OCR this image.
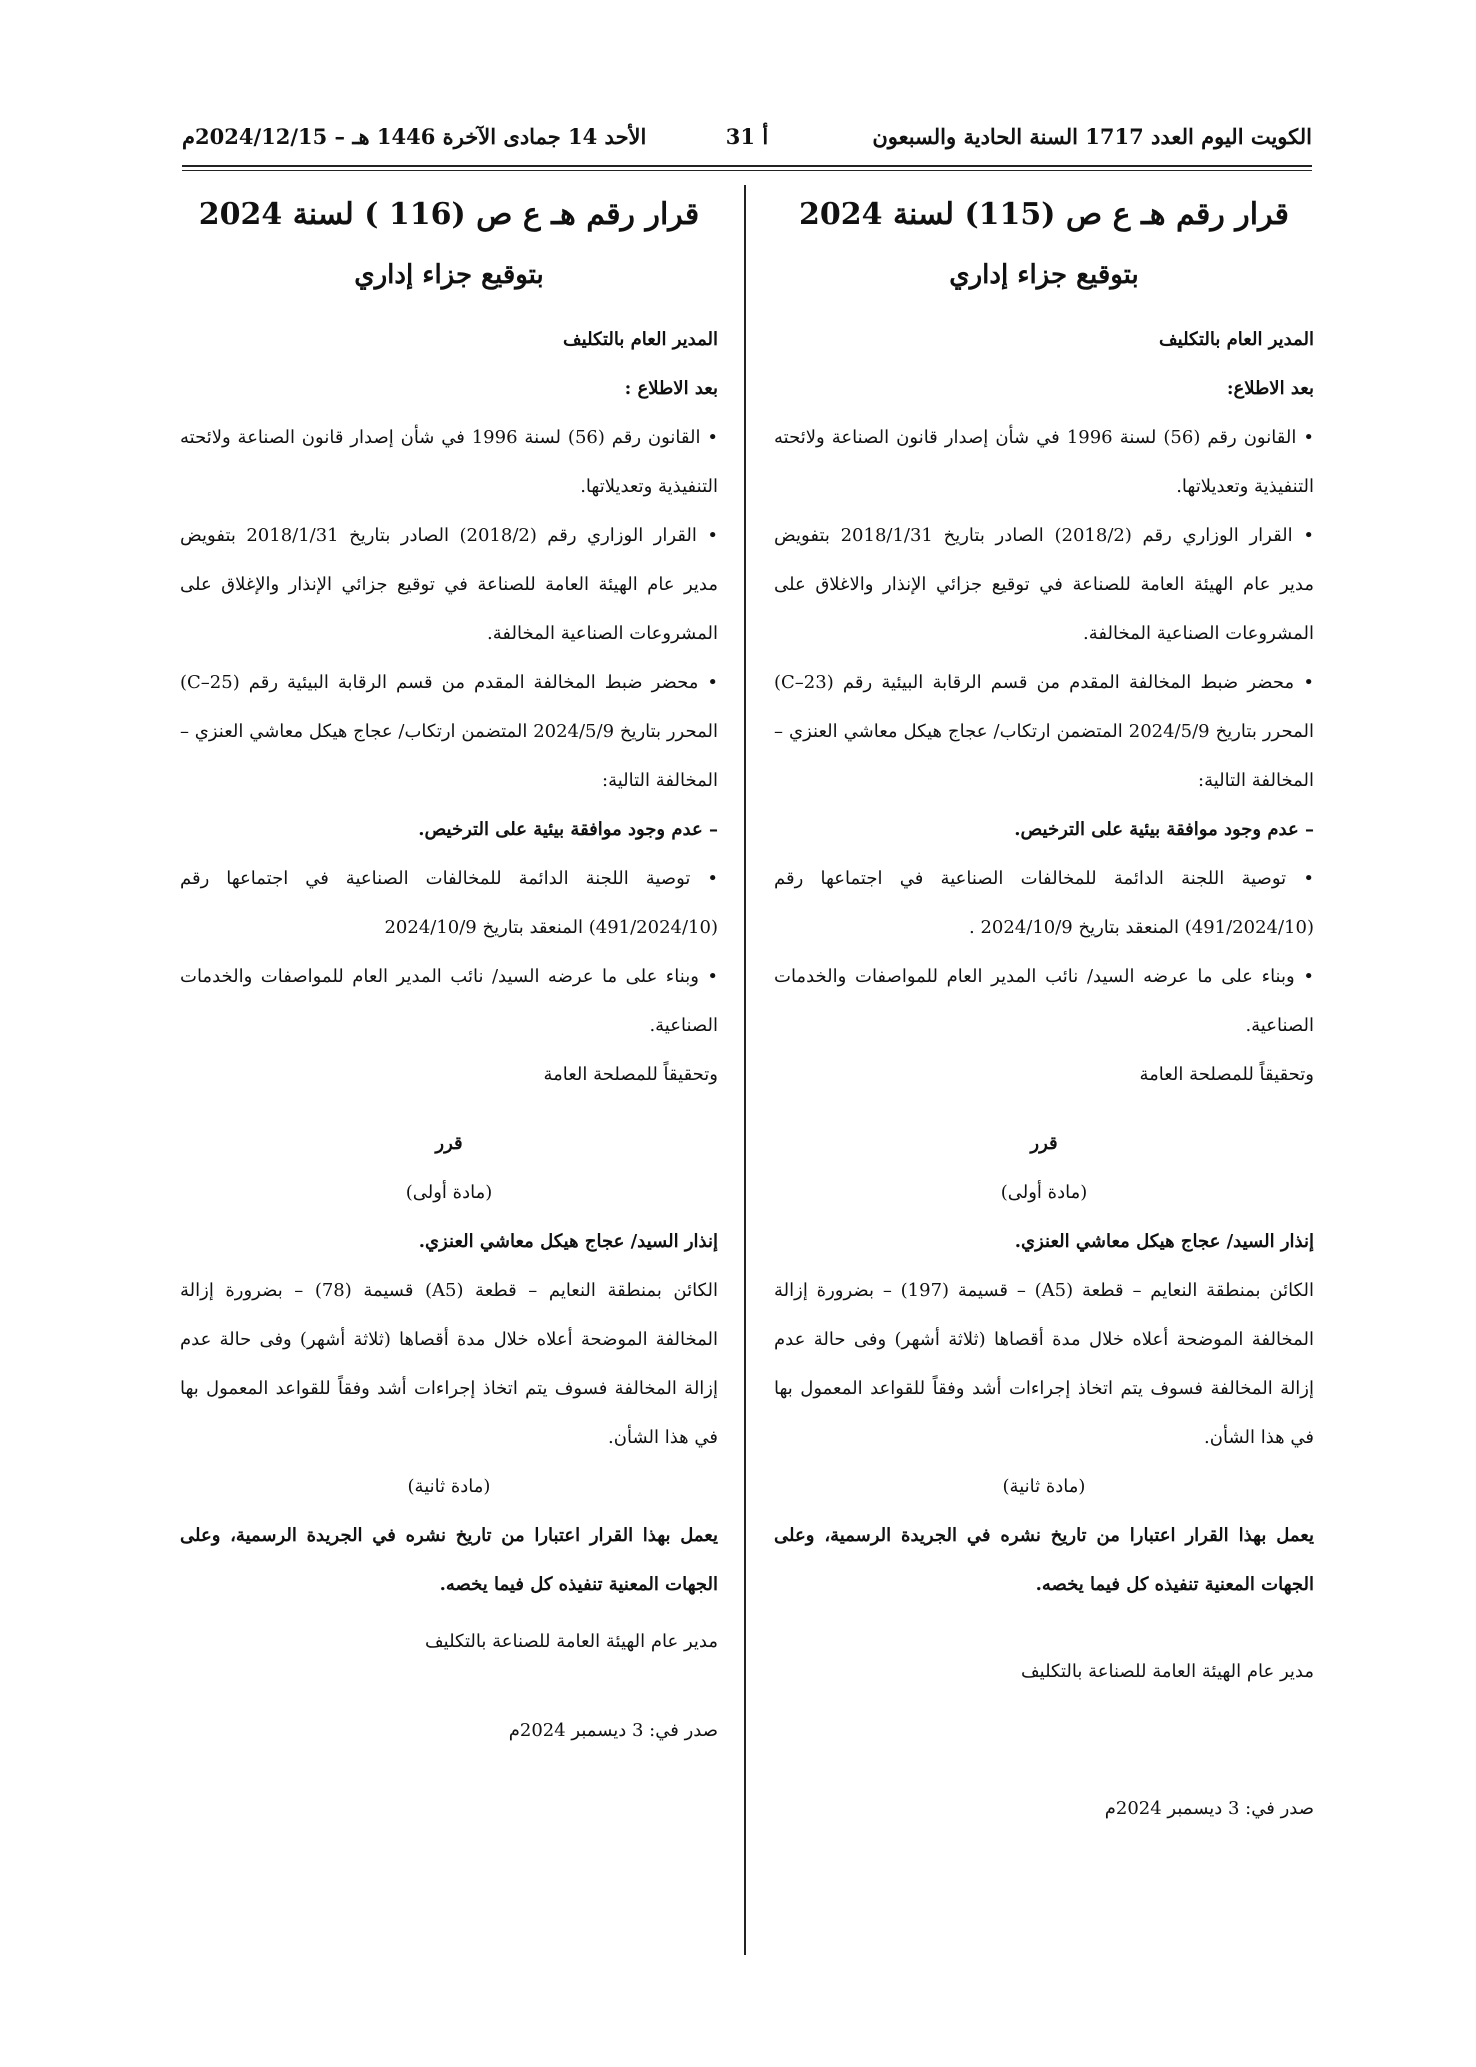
الكويت اليوم العدد 1717 السنة الحادية والسبعون
أ 31
الأحد 14 جمادى الآخرة 1446 هـ – 2024/12/15م
قرار رقم هـ ع ص (115) لسنة 2024
بتوقيع جزاء إداري

المدير العام بالتكليف

بعد الاطلاع:

• القانون رقم (56) لسنة 1996 في شأن إصدار قانون الصناعة ولائحته التنفيذية وتعديلاتها.

• القرار الوزاري رقم (2018/2) الصادر بتاريخ 2018/1/31 بتفويض مدير عام الهيئة العامة للصناعة في توقيع جزائي الإنذار والاغلاق على المشروعات الصناعية المخالفة.

• محضر ضبط المخالفة المقدم من قسم الرقابة البيئية رقم (C–23) المحرر بتاريخ 2024/5/9 المتضمن ارتكاب/ عجاج هيكل معاشي العنزي – المخالفة التالية:

– عدم وجود موافقة بيئية على الترخيص.

• توصية اللجنة الدائمة للمخالفات الصناعية في اجتماعها رقم (491/2024/10) المنعقد بتاريخ 2024/10/9 .

• وبناء على ما عرضه السيد/ نائب المدير العام للمواصفات والخدمات الصناعية.

وتحقيقاً للمصلحة العامة

قرر

(مادة أولى)

إنذار السيد/ عجاج هيكل معاشي العنزي.

الكائن بمنطقة النعايم – قطعة (A5) – قسيمة (197) – بضرورة إزالة المخالفة الموضحة أعلاه خلال مدة أقصاها (ثلاثة أشهر) وفى حالة عدم إزالة المخالفة فسوف يتم اتخاذ إجراءات أشد وفقاً للقواعد المعمول بها في هذا الشأن.

(مادة ثانية)

يعمل بهذا القرار اعتبارا من تاريخ نشره في الجريدة الرسمية، وعلى الجهات المعنية تنفيذه كل فيما يخصه.

مدير عام الهيئة العامة للصناعة بالتكليف

صدر في: 3 ديسمبر 2024م

قرار رقم هـ ع ص (116 ) لسنة 2024
بتوقيع جزاء إداري

المدير العام بالتكليف

بعد الاطلاع :

• القانون رقم (56) لسنة 1996 في شأن إصدار قانون الصناعة ولائحته التنفيذية وتعديلاتها.

• القرار الوزاري رقم (2018/2) الصادر بتاريخ 2018/1/31 بتفويض مدير عام الهيئة العامة للصناعة في توقيع جزائي الإنذار والإغلاق على المشروعات الصناعية المخالفة.

• محضر ضبط المخالفة المقدم من قسم الرقابة البيئية رقم (C–25) المحرر بتاريخ 2024/5/9 المتضمن ارتكاب/ عجاج هيكل معاشي العنزي – المخالفة التالية:

– عدم وجود موافقة بيئية على الترخيص.

• توصية اللجنة الدائمة للمخالفات الصناعية في اجتماعها رقم (491/2024/10) المنعقد بتاريخ 2024/10/9

• وبناء على ما عرضه السيد/ نائب المدير العام للمواصفات والخدمات الصناعية.

وتحقيقاً للمصلحة العامة

قرر

(مادة أولى)

إنذار السيد/ عجاج هيكل معاشي العنزي.

الكائن بمنطقة النعايم – قطعة (A5) قسيمة (78) – بضرورة إزالة المخالفة الموضحة أعلاه خلال مدة أقصاها (ثلاثة أشهر) وفى حالة عدم إزالة المخالفة فسوف يتم اتخاذ إجراءات أشد وفقاً للقواعد المعمول بها في هذا الشأن.

(مادة ثانية)

يعمل بهذا القرار اعتبارا من تاريخ نشره في الجريدة الرسمية، وعلى الجهات المعنية تنفيذه كل فيما يخصه.

مدير عام الهيئة العامة للصناعة بالتكليف

صدر في: 3 ديسمبر 2024م
